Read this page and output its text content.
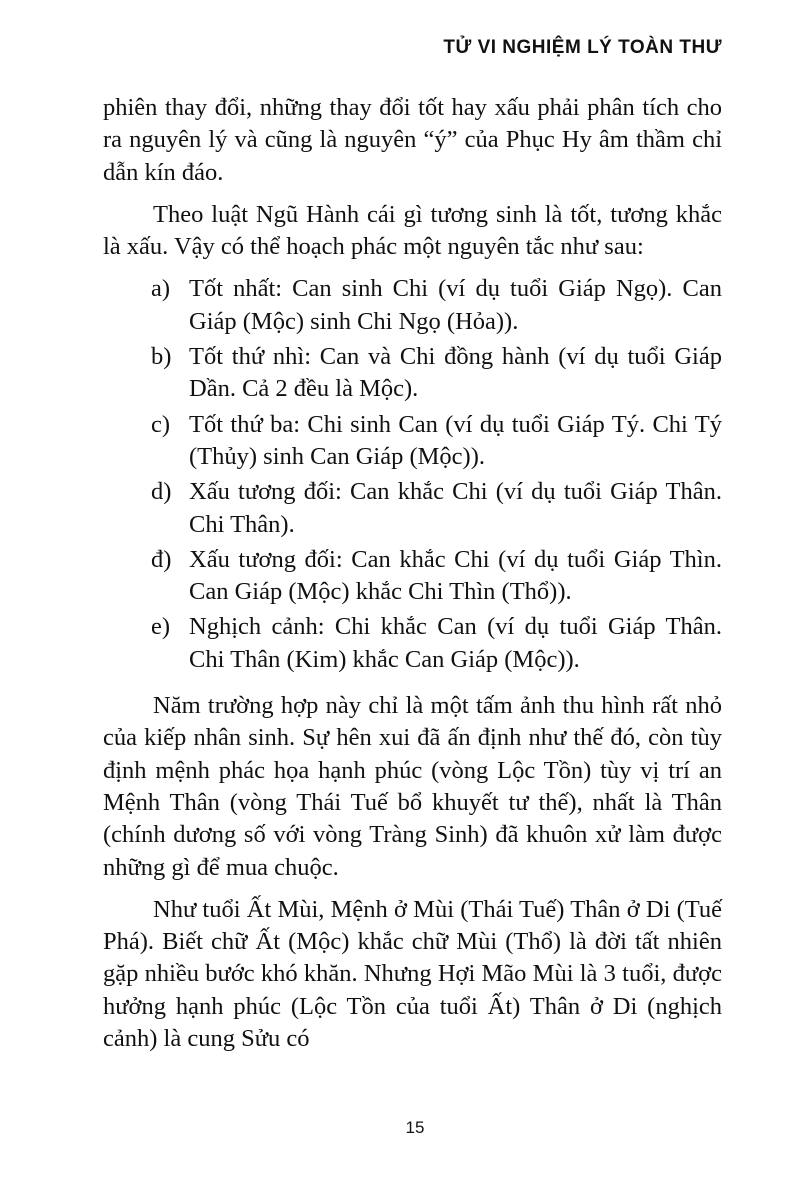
TỬ VI NGHIỆM LÝ TOÀN THƯ

phiên thay đổi, những thay đổi tốt hay xấu phải phân tích cho ra nguyên lý và cũng là nguyên “ý” của Phục Hy âm thầm chỉ dẫn kín đáo.

Theo luật Ngũ Hành cái gì tương sinh là tốt, tương khắc là xấu. Vậy có thể hoạch phác một nguyên tắc như sau:

a) Tốt nhất: Can sinh Chi (ví dụ tuổi Giáp Ngọ). Can Giáp (Mộc) sinh Chi Ngọ (Hỏa)).
b) Tốt thứ nhì: Can và Chi đồng hành (ví dụ tuổi Giáp Dần. Cả 2 đều là Mộc).
c) Tốt thứ ba: Chi sinh Can (ví dụ tuổi Giáp Tý. Chi Tý (Thủy) sinh Can Giáp (Mộc)).
d) Xấu tương đối: Can khắc Chi (ví dụ tuổi Giáp Thân. Chi Thân).
đ) Xấu tương đối: Can khắc Chi (ví dụ tuổi Giáp Thìn. Can Giáp (Mộc) khắc Chi Thìn (Thổ)).
e) Nghịch cảnh: Chi khắc Can (ví dụ tuổi Giáp Thân. Chi Thân (Kim) khắc Can Giáp (Mộc)).

Năm trường hợp này chỉ là một tấm ảnh thu hình rất nhỏ của kiếp nhân sinh. Sự hên xui đã ấn định như thế đó, còn tùy định mệnh phác họa hạnh phúc (vòng Lộc Tồn) tùy vị trí an Mệnh Thân (vòng Thái Tuế bổ khuyết tư thế), nhất là Thân (chính dương số với vòng Tràng Sinh) đã khuôn xử làm được những gì để mua chuộc.

Như tuổi Ất Mùi, Mệnh ở Mùi (Thái Tuế) Thân ở Di (Tuế Phá). Biết chữ Ất (Mộc) khắc chữ Mùi (Thổ) là đời tất nhiên gặp nhiều bước khó khăn. Nhưng Hợi Mão Mùi là 3 tuổi, được hưởng hạnh phúc (Lộc Tồn của tuổi Ất) Thân ở Di (nghịch cảnh) là cung Sửu có

15
